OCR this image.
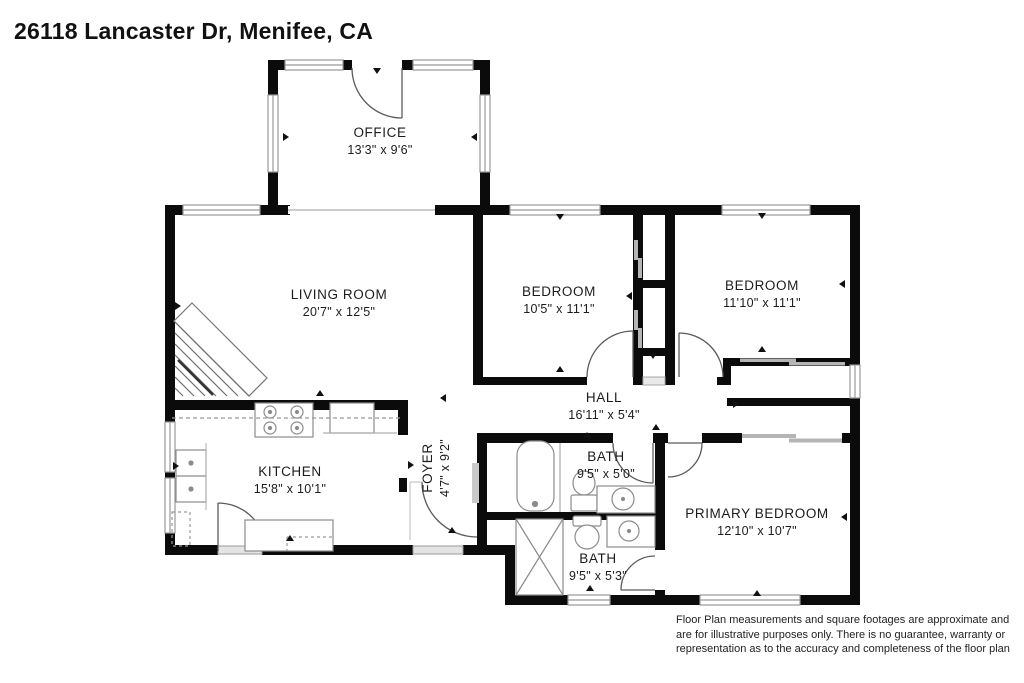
26118 Lancaster Dr, Menifee, CA
OFFICE
13'3" x 9'6"
LIVING ROOM
20'7" x 12'5"
BEDROOM
10'5" x 11'1"
BEDROOM
11'10" x 11'1"
HALL
16'11" x 5'4"
KITCHEN
15'8" x 10'1"	FOYER 4'7" x 9'2"	BATH
9'5" x 5'0"
BATH
9'5" x 5'3"
PRIMARY BEDROOM
12'10" x 10'7"
Floor Plan measurements and square footages are approximate and are for illustrative purposes only. There is no guarantee, warranty or representation as to the accuracy and completeness of the floor plan
